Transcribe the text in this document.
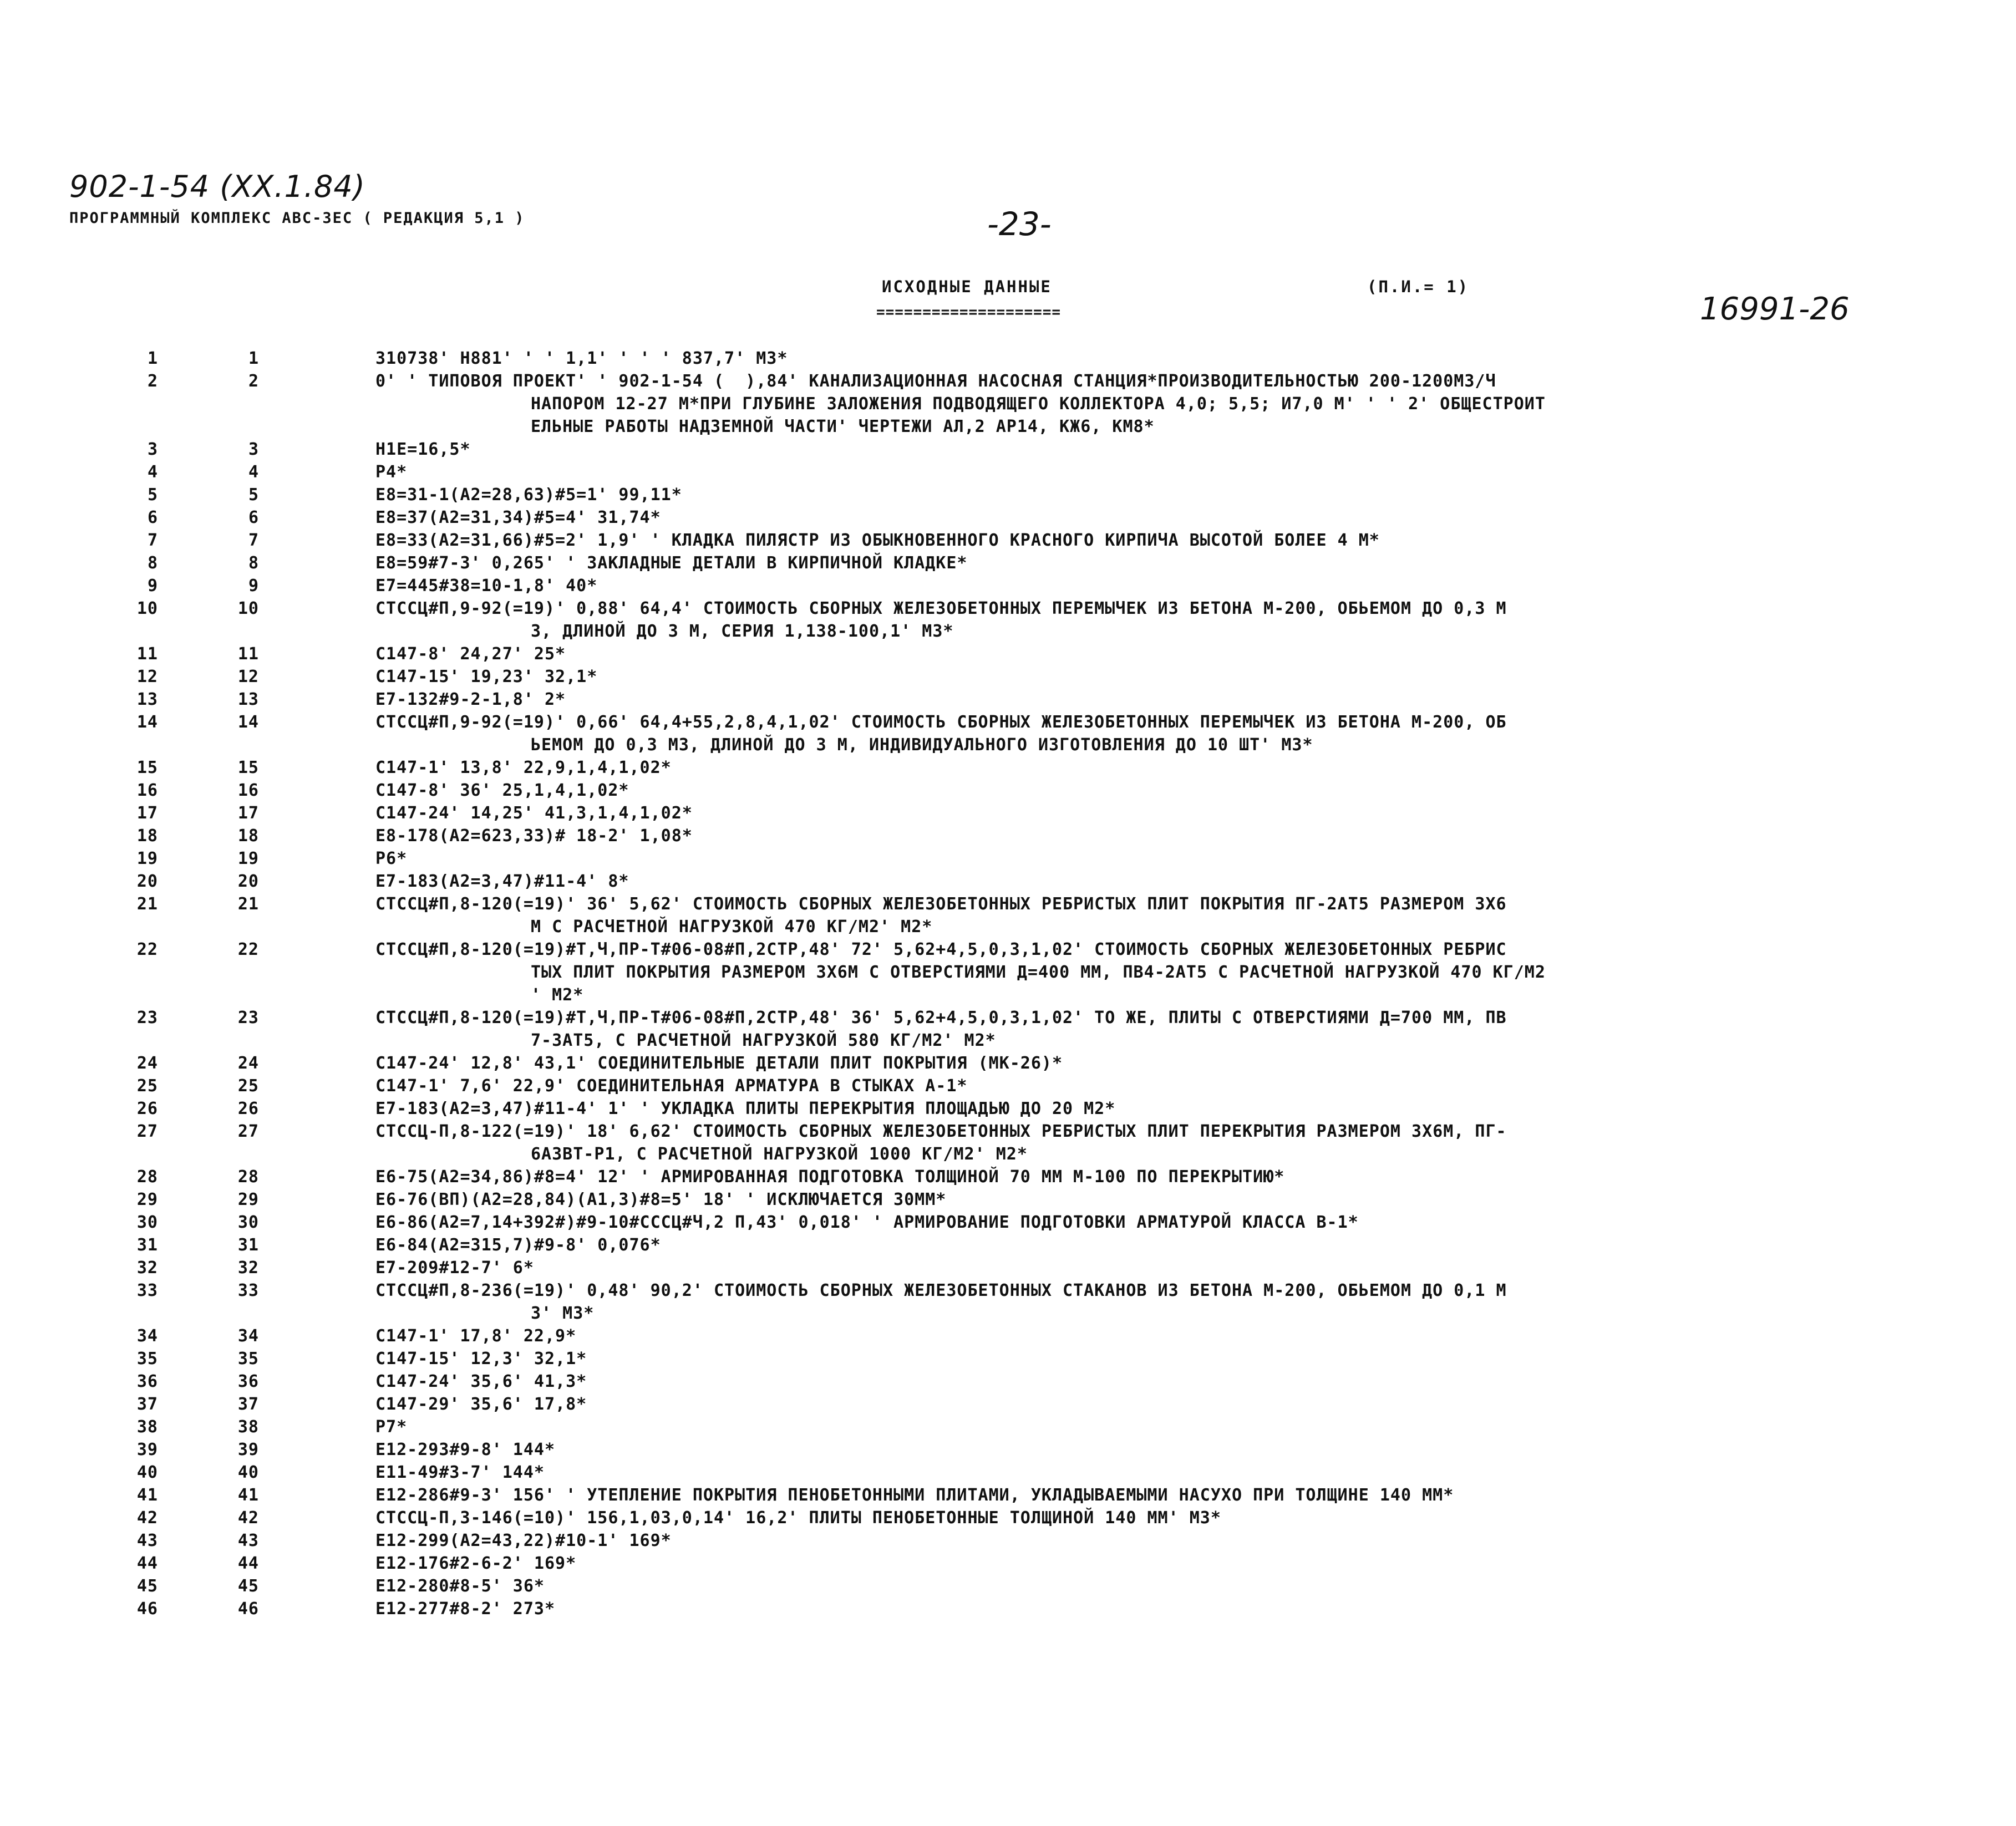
902-1-54 (XX.1.84)
ПРОГРАММНЫЙ КОМПЛЕКС АВС-3ЕС ( РЕДАКЦИЯ 5,1 )	-23-
ИСХОДНЫЕ ДАННЫЕ
====================
(П.И.= 1)
16991-26
1	1	310738' Н881' ' ' 1,1' ' ' ' 837,7' М3*
2	2	0' ' ТИПОВОЯ ПРОЕКТ' ' 902-1-54 (  ),84' КАНАЛИЗАЦИОННАЯ НАСОСНАЯ СТАНЦИЯ*ПРОИЗВОДИТЕЛЬНОСТЬЮ 200-1200М3/Ч
НАПОРОМ 12-27 М*ПРИ ГЛУБИНЕ ЗАЛОЖЕНИЯ ПОДВОДЯЩЕГО КОЛЛЕКТОРА 4,0; 5,5; И7,0 М' ' ' 2' ОБЩЕСТРОИТ
ЕЛЬНЫЕ РАБОТЫ НАДЗЕМНОЙ ЧАСТИ' ЧЕРТЕЖИ АЛ,2 АР14, КЖ6, КМ8*
3	3	Н1Е=16,5*
4	4	Р4*
5	5	Е8=31-1(А2=28,63)#5=1' 99,11*
6	6	Е8=37(А2=31,34)#5=4' 31,74*
7	7	Е8=33(А2=31,66)#5=2' 1,9' ' КЛАДКА ПИЛЯСТР ИЗ ОБЫКНОВЕННОГО КРАСНОГО КИРПИЧА ВЫСОТОЙ БОЛЕЕ 4 М*
8	8	Е8=59#7-3' 0,265' ' ЗАКЛАДНЫЕ ДЕТАЛИ В КИРПИЧНОЙ КЛАДКЕ*
9	9	Е7=445#38=10-1,8' 40*
10	10	СТССЦ#П,9-92(=19)' 0,88' 64,4' СТОИМОСТЬ СБОРНЫХ ЖЕЛЕЗОБЕТОННЫХ ПЕРЕМЫЧЕК ИЗ БЕТОНА М-200, ОБЬЕМОМ ДО 0,3 М
3, ДЛИНОЙ ДО 3 М, СЕРИЯ 1,138-100,1' М3*
11	11	С147-8' 24,27' 25*
12	12	С147-15' 19,23' 32,1*
13	13	Е7-132#9-2-1,8' 2*
14	14	СТССЦ#П,9-92(=19)' 0,66' 64,4+55,2,8,4,1,02' СТОИМОСТЬ СБОРНЫХ ЖЕЛЕЗОБЕТОННЫХ ПЕРЕМЫЧЕК ИЗ БЕТОНА М-200, ОБ
ЬЕМОМ ДО 0,3 М3, ДЛИНОЙ ДО 3 М, ИНДИВИДУАЛЬНОГО ИЗГОТОВЛЕНИЯ ДО 10 ШТ' М3*
15	15	С147-1' 13,8' 22,9,1,4,1,02*
16	16	С147-8' 36' 25,1,4,1,02*
17	17	С147-24' 14,25' 41,3,1,4,1,02*
18	18	Е8-178(А2=623,33)# 18-2' 1,08*
19	19	Р6*
20	20	Е7-183(А2=3,47)#11-4' 8*
21	21	СТССЦ#П,8-120(=19)' 36' 5,62' СТОИМОСТЬ СБОРНЫХ ЖЕЛЕЗОБЕТОННЫХ РЕБРИСТЫХ ПЛИТ ПОКРЫТИЯ ПГ-2АТ5 РАЗМЕРОМ 3Х6
М С РАСЧЕТНОЙ НАГРУЗКОЙ 470 КГ/М2' М2*
22	22	СТССЦ#П,8-120(=19)#Т,Ч,ПР-Т#06-08#П,2СТР,48' 72' 5,62+4,5,0,3,1,02' СТОИМОСТЬ СБОРНЫХ ЖЕЛЕЗОБЕТОННЫХ РЕБРИС
ТЫХ ПЛИТ ПОКРЫТИЯ РАЗМЕРОМ 3Х6М С ОТВЕРСТИЯМИ Д=400 ММ, ПВ4-2АТ5 С РАСЧЕТНОЙ НАГРУЗКОЙ 470 КГ/М2
' М2*
23	23	СТССЦ#П,8-120(=19)#Т,Ч,ПР-Т#06-08#П,2СТР,48' 36' 5,62+4,5,0,3,1,02' ТО ЖЕ, ПЛИТЫ С ОТВЕРСТИЯМИ Д=700 ММ, ПВ
7-3АТ5, С РАСЧЕТНОЙ НАГРУЗКОЙ 580 КГ/М2' М2*
24	24	С147-24' 12,8' 43,1' СОЕДИНИТЕЛЬНЫЕ ДЕТАЛИ ПЛИТ ПОКРЫТИЯ (МК-26)*
25	25	С147-1' 7,6' 22,9' СОЕДИНИТЕЛЬНАЯ АРМАТУРА В СТЫКАХ А-1*
26	26	Е7-183(А2=3,47)#11-4' 1' ' УКЛАДКА ПЛИТЫ ПЕРЕКРЫТИЯ ПЛОЩАДЬЮ ДО 20 М2*
27	27	СТССЦ-П,8-122(=19)' 18' 6,62' СТОИМОСТЬ СБОРНЫХ ЖЕЛЕЗОБЕТОННЫХ РЕБРИСТЫХ ПЛИТ ПЕРЕКРЫТИЯ РАЗМЕРОМ 3Х6М, ПГ-
6А3ВТ-Р1, С РАСЧЕТНОЙ НАГРУЗКОЙ 1000 КГ/М2' М2*
28	28	Е6-75(А2=34,86)#8=4' 12' ' АРМИРОВАННАЯ ПОДГОТОВКА ТОЛЩИНОЙ 70 ММ М-100 ПО ПЕРЕКРЫТИЮ*
29	29	Е6-76(ВП)(А2=28,84)(А1,3)#8=5' 18' ' ИСКЛЮЧАЕТСЯ 30ММ*
30	30	Е6-86(А2=7,14+392#)#9-10#СССЦ#Ч,2 П,43' 0,018' ' АРМИРОВАНИЕ ПОДГОТОВКИ АРМАТУРОЙ КЛАССА В-1*
31	31	Е6-84(А2=315,7)#9-8' 0,076*
32	32	Е7-209#12-7' 6*
33	33	СТССЦ#П,8-236(=19)' 0,48' 90,2' СТОИМОСТЬ СБОРНЫХ ЖЕЛЕЗОБЕТОННЫХ СТАКАНОВ ИЗ БЕТОНА М-200, ОБЬЕМОМ ДО 0,1 М
3' М3*
34	34	С147-1' 17,8' 22,9*
35	35	С147-15' 12,3' 32,1*
36	36	С147-24' 35,6' 41,3*
37	37	С147-29' 35,6' 17,8*
38	38	Р7*
39	39	Е12-293#9-8' 144*
40	40	Е11-49#3-7' 144*
41	41	Е12-286#9-3' 156' ' УТЕПЛЕНИЕ ПОКРЫТИЯ ПЕНОБЕТОННЫМИ ПЛИТАМИ, УКЛАДЫВАЕМЫМИ НАСУХО ПРИ ТОЛЩИНЕ 140 ММ*
42	42	СТССЦ-П,3-146(=10)' 156,1,03,0,14' 16,2' ПЛИТЫ ПЕНОБЕТОННЫЕ ТОЛЩИНОЙ 140 ММ' М3*
43	43	Е12-299(А2=43,22)#10-1' 169*
44	44	Е12-176#2-6-2' 169*
45	45	Е12-280#8-5' 36*
46	46	Е12-277#8-2' 273*
